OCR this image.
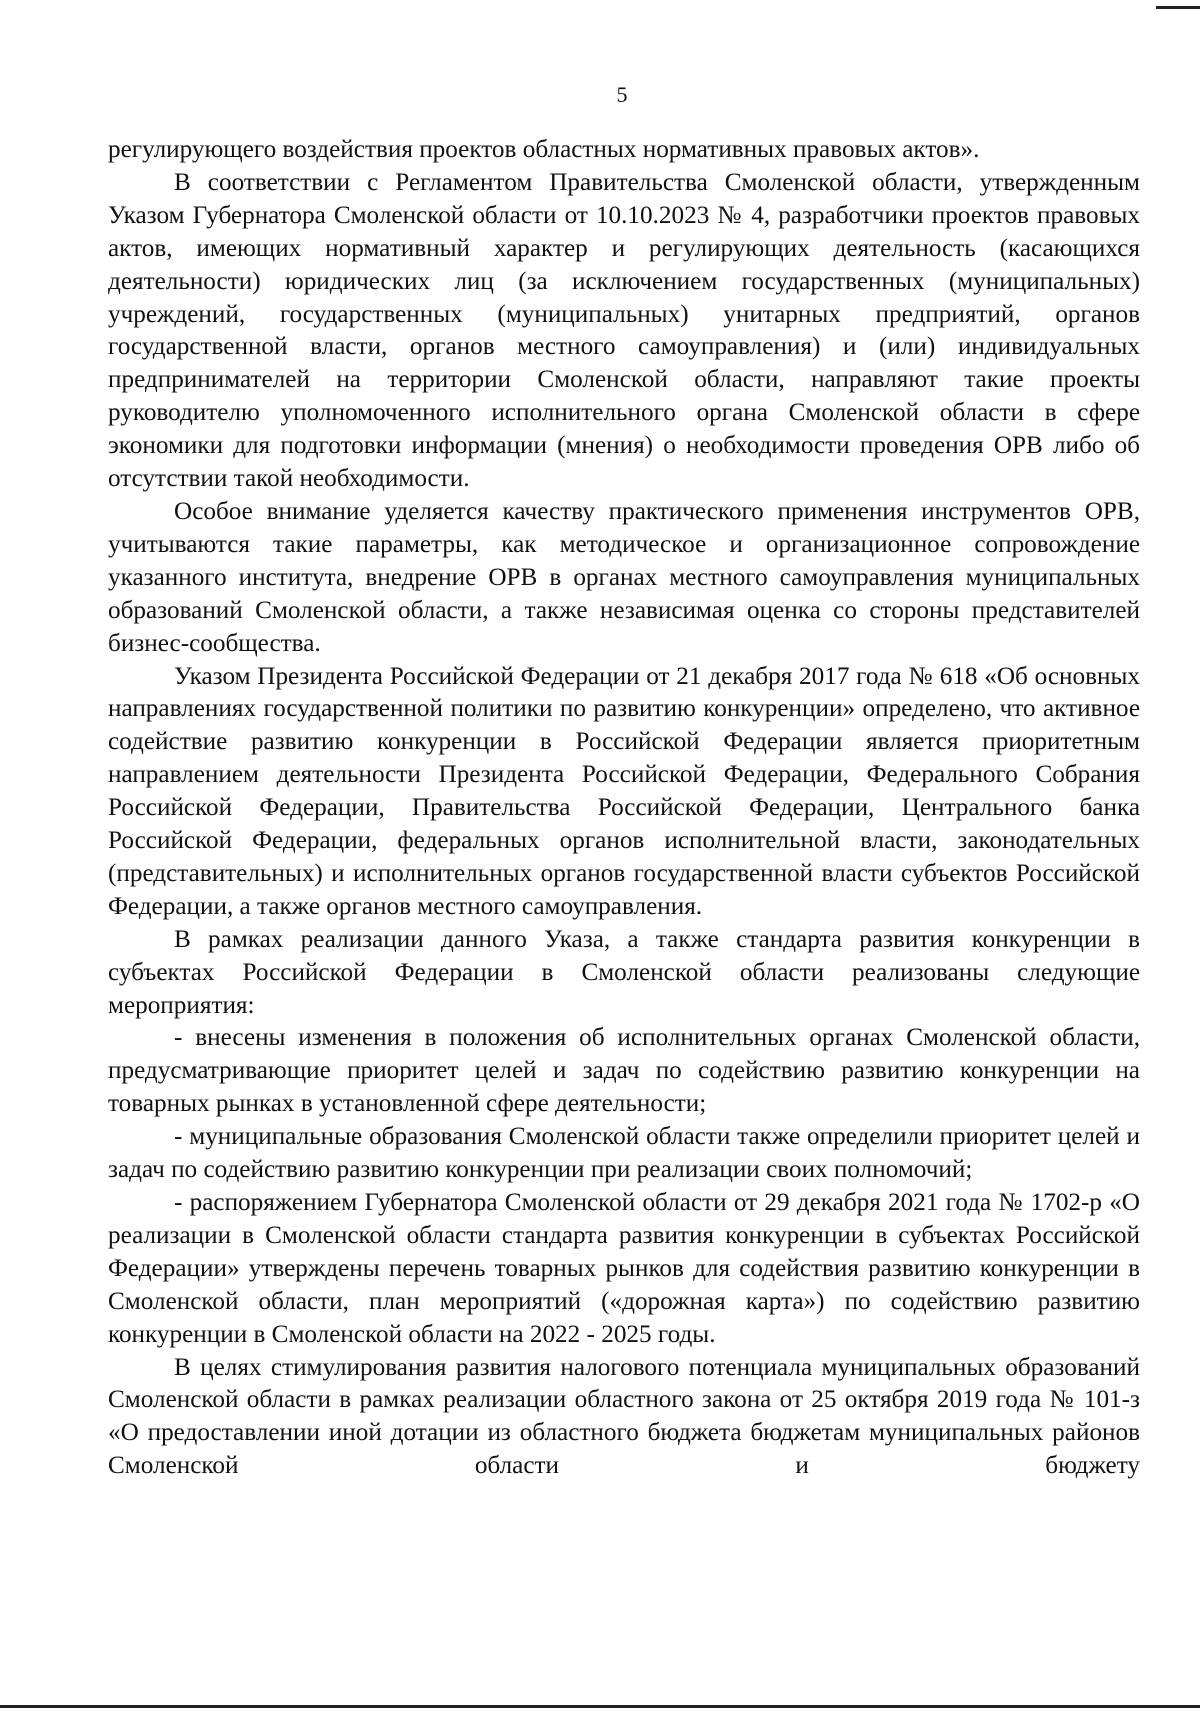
5

регулирующего воздействия проектов областных нормативных правовых актов».

В соответствии с Регламентом Правительства Смоленской области, утвержденным Указом Губернатора Смоленской области от 10.10.2023 № 4, разработчики проектов правовых актов, имеющих нормативный характер и регулирующих деятельность (касающихся деятельности) юридических лиц (за исключением государственных (муниципальных) учреждений, государственных (муниципальных) унитарных предприятий, органов государственной власти, органов местного самоуправления) и (или) индивидуальных предпринимателей на территории Смоленской области, направляют такие проекты руководителю уполномоченного исполнительного органа Смоленской области в сфере экономики для подготовки информации (мнения) о необходимости проведения ОРВ либо об отсутствии такой необходимости.

Особое внимание уделяется качеству практического применения инструментов ОРВ, учитываются такие параметры, как методическое и организационное сопровождение указанного института, внедрение ОРВ в органах местного самоуправления муниципальных образований Смоленской области, а также независимая оценка со стороны представителей бизнес-сообщества.

Указом Президента Российской Федерации от 21 декабря 2017 года № 618 «Об основных направлениях государственной политики по развитию конкуренции» определено, что активное содействие развитию конкуренции в Российской Федерации является приоритетным направлением деятельности Президента Российской Федерации, Федерального Собрания Российской Федерации, Правительства Российской Федерации, Центрального банка Российской Федерации, федеральных органов исполнительной власти, законодательных (представительных) и исполнительных органов государственной власти субъектов Российской Федерации, а также органов местного самоуправления.

В рамках реализации данного Указа, а также стандарта развития конкуренции в субъектах Российской Федерации в Смоленской области реализованы следующие мероприятия:

- внесены изменения в положения об исполнительных органах Смоленской области, предусматривающие приоритет целей и задач по содействию развитию конкуренции на товарных рынках в установленной сфере деятельности;

- муниципальные образования Смоленской области также определили приоритет целей и задач по содействию развитию конкуренции при реализации своих полномочий;

- распоряжением Губернатора Смоленской области от 29 декабря 2021 года № 1702-р «О реализации в Смоленской области стандарта развития конкуренции в субъектах Российской Федерации» утверждены перечень товарных рынков для содействия развитию конкуренции в Смоленской области, план мероприятий («дорожная карта») по содействию развитию конкуренции в Смоленской области на 2022 - 2025 годы.

В целях стимулирования развития налогового потенциала муниципальных образований Смоленской области в рамках реализации областного закона от 25 октября 2019 года № 101-з «О предоставлении иной дотации из областного бюджета бюджетам муниципальных районов Смоленской области и бюджету
